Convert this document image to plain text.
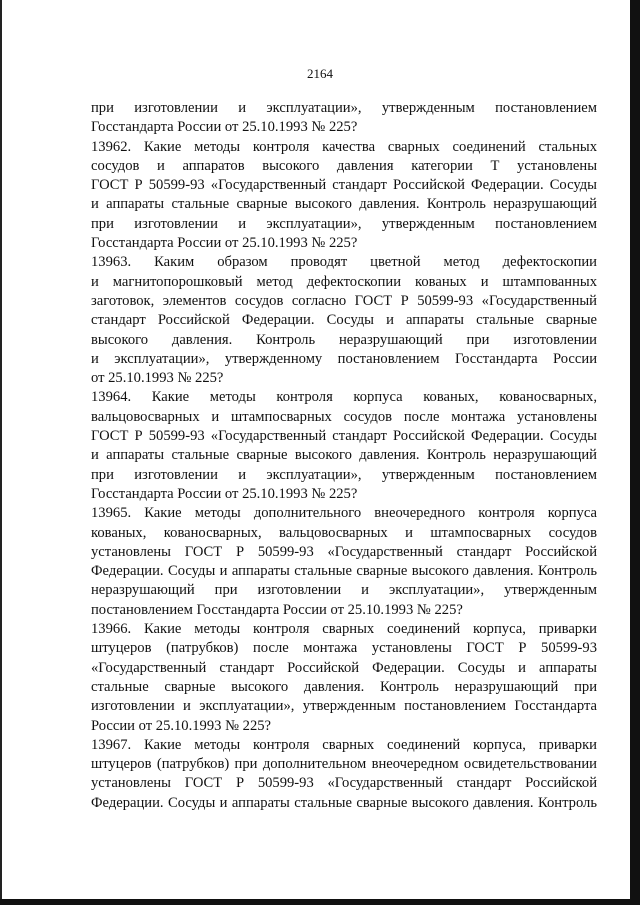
2164
при изготовлении и эксплуатации», утвержденным постановлением
Госстандарта России от 25.10.1993 № 225?
13962. Какие методы контроля качества сварных соединений стальных
сосудов и аппаратов высокого давления категории Т установлены
ГОСТ Р 50599-93 «Государственный стандарт Российской Федерации. Сосуды
и аппараты стальные сварные высокого давления. Контроль неразрушающий
при изготовлении и эксплуатации», утвержденным постановлением
Госстандарта России от 25.10.1993 № 225?
13963. Каким образом проводят цветной метод дефектоскопии
и магнитопорошковый метод дефектоскопии кованых и штампованных
заготовок, элементов сосудов согласно ГОСТ Р 50599-93 «Государственный
стандарт Российской Федерации. Сосуды и аппараты стальные сварные
высокого давления. Контроль неразрушающий при изготовлении
и эксплуатации», утвержденному постановлением Госстандарта России
от 25.10.1993 № 225?
13964. Какие методы контроля корпуса кованых, кованосварных,
вальцовосварных и штампосварных сосудов после монтажа установлены
ГОСТ Р 50599-93 «Государственный стандарт Российской Федерации. Сосуды
и аппараты стальные сварные высокого давления. Контроль неразрушающий
при изготовлении и эксплуатации», утвержденным постановлением
Госстандарта России от 25.10.1993 № 225?
13965. Какие методы дополнительного внеочередного контроля корпуса
кованых, кованосварных, вальцовосварных и штампосварных сосудов
установлены ГОСТ Р 50599-93 «Государственный стандарт Российской
Федерации. Сосуды и аппараты стальные сварные высокого давления. Контроль
неразрушающий при изготовлении и эксплуатации», утвержденным
постановлением Госстандарта России от 25.10.1993 № 225?
13966. Какие методы контроля сварных соединений корпуса, приварки
штуцеров (патрубков) после монтажа установлены ГОСТ Р 50599-93
«Государственный стандарт Российской Федерации. Сосуды и аппараты
стальные сварные высокого давления. Контроль неразрушающий при
изготовлении и эксплуатации», утвержденным постановлением Госстандарта
России от 25.10.1993 № 225?
13967. Какие методы контроля сварных соединений корпуса, приварки
штуцеров (патрубков) при дополнительном внеочередном освидетельствовании
установлены ГОСТ Р 50599-93 «Государственный стандарт Российской
Федерации. Сосуды и аппараты стальные сварные высокого давления. Контроль
